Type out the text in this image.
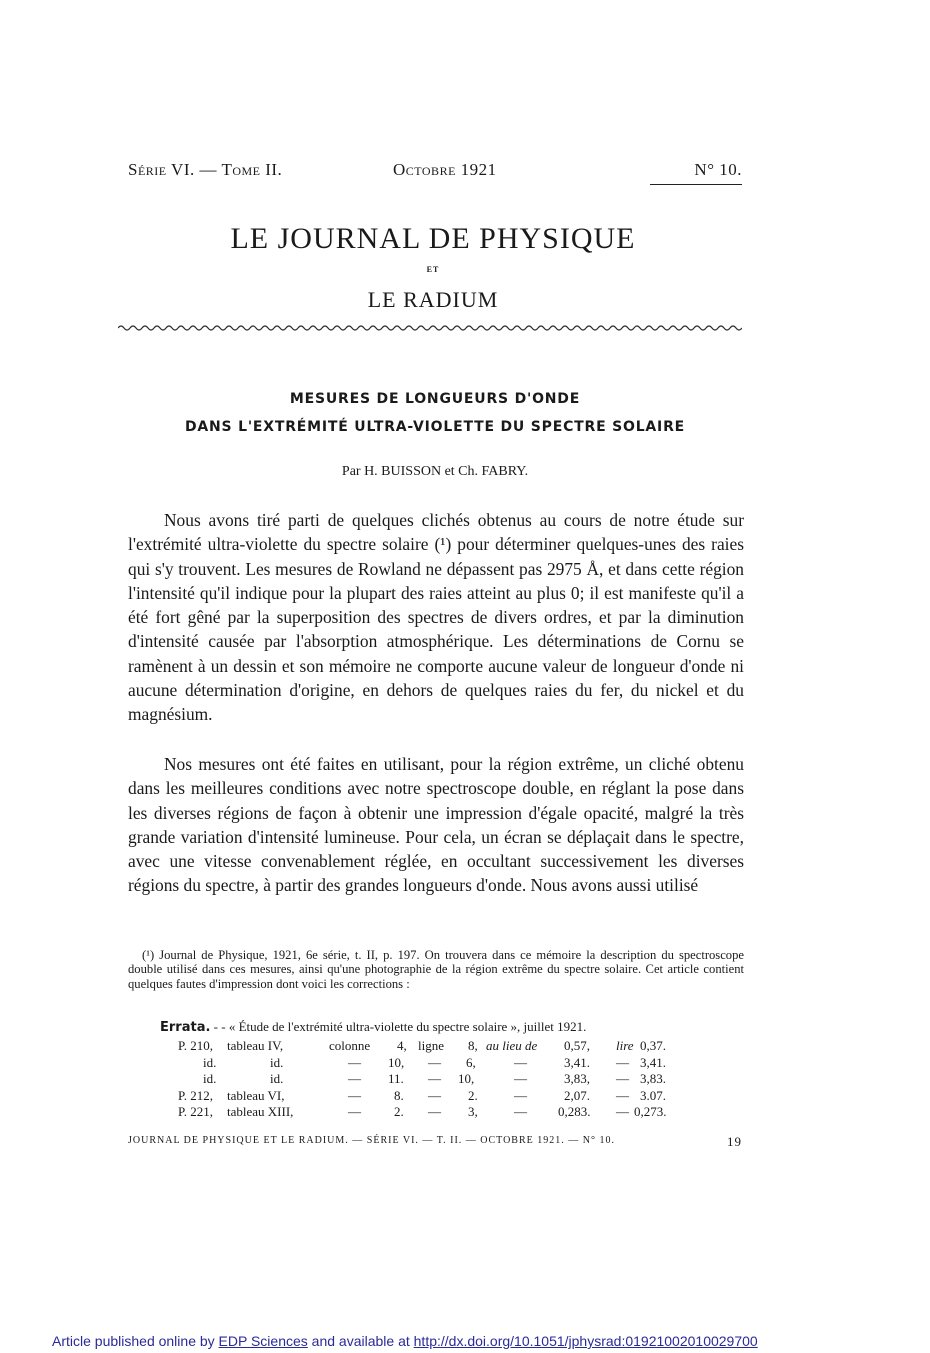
Série VI. — Tome II.	Octobre 1921	N° 10.
LE JOURNAL DE PHYSIQUE
ET
LE RADIUM
MESURES DE LONGUEURS D'ONDE
DANS L'EXTRÉMITÉ ULTRA-VIOLETTE DU SPECTRE SOLAIRE
Par H. BUISSON et Ch. FABRY.

Nous avons tiré parti de quelques clichés obtenus au cours de notre étude sur l'extrémité ultra-violette du spectre solaire (¹) pour déterminer quelques-unes des raies qui s'y trouvent. Les mesures de Rowland ne dépassent pas 2975 Å, et dans cette région l'intensité qu'il indique pour la plupart des raies atteint au plus 0; il est manifeste qu'il a été fort gêné par la superposition des spectres de divers ordres, et par la diminution d'intensité causée par l'absorption atmosphérique. Les déterminations de Cornu se ramènent à un dessin et son mémoire ne comporte aucune valeur de longueur d'onde ni aucune détermination d'origine, en dehors de quelques raies du fer, du nickel et du magnésium.

Nos mesures ont été faites en utilisant, pour la région extrême, un cliché obtenu dans les meilleures conditions avec notre spectroscope double, en réglant la pose dans les diverses régions de façon à obtenir une impression d'égale opacité, malgré la très grande variation d'intensité lumineuse. Pour cela, un écran se déplaçait dans le spectre, avec une vitesse convenablement réglée, en occultant successivement les diverses régions du spectre, à partir des grandes longueurs d'onde. Nous avons aussi utilisé

(¹) Journal de Physique, 1921, 6e série, t. II, p. 197. On trouvera dans ce mémoire la description du spectroscope double utilisé dans ces mesures, ainsi qu'une photographie de la région extrême du spectre solaire. Cet article contient quelques fautes d'impression dont voici les corrections :

Errata. - - « Étude de l'extrémité ultra-violette du spectre solaire », juillet 1921.
P. 210, tableau IV,	colonne 4, ligne 8, au lieu de 0,57, lire 0,37.
id.	id.	— 10, — 6,	—	3,41. — 3,41.
id.	id.	— 11. — 10,	—	3,83, — 3,83.
P. 212, tableau VI,	—	8. — 2.	—	2,07. — 3.07.
P. 221, tableau XIII,	—	2. — 3,	— 0,283. — 0,273.
JOURNAL DE PHYSIQUE ET LE RADIUM. — SÉRIE VI. — T. II. — OCTOBRE 1921. — N° 10.	19
Article published online by EDP Sciences and available at http://dx.doi.org/10.1051/jphysrad:01921002010029700
